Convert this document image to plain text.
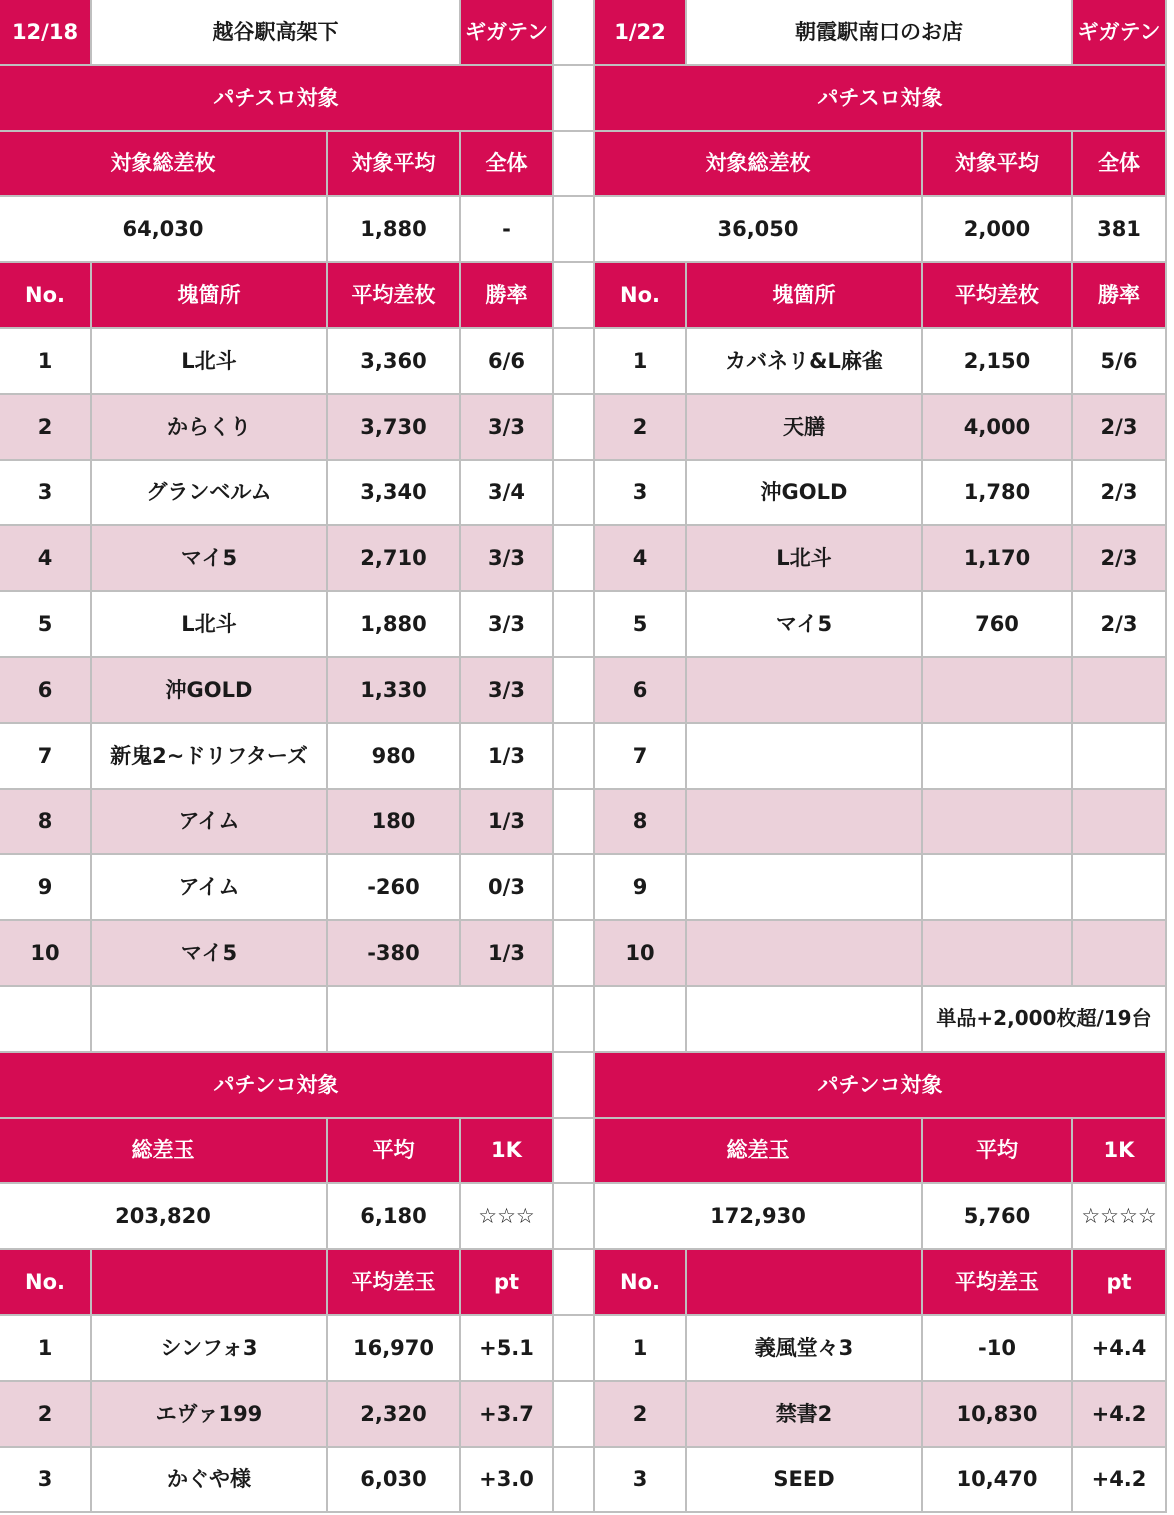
12/18	越谷駅高架下	ギガテン	1/22	朝霞駅南口のお店	ギガテン
パチスロ対象	パチスロ対象
対象総差枚	対象平均	全体	対象総差枚	対象平均	全体
64,030	1,880	-	36,050	2,000	381
No.	塊箇所	平均差枚	勝率	No.	塊箇所	平均差枚	勝率
1	L北斗	3,360	6/6	1	カバネリ&L麻雀	2,150	5/6
2	からくり	3,730	3/3	2	天膳	4,000	2/3
3	グランベルム	3,340	3/4	3	沖GOLD	1,780	2/3
4	マイ5	2,710	3/3	4	L北斗	1,170	2/3
5	L北斗	1,880	3/3	5	マイ5	760	2/3
6	沖GOLD	1,330	3/3	6
7	新鬼2~ドリフターズ	980	1/3	7
8	アイム	180	1/3	8
9	アイム	-260	0/3	9
10	マイ5	-380	1/3	10
単品+2,000枚超/19台
パチンコ対象	パチンコ対象
総差玉	平均	1K	総差玉	平均	1K
203,820	6,180	☆☆☆	172,930	5,760	☆☆☆☆
No.	平均差玉	pt	No.	平均差玉	pt
1	シンフォ3	16,970	+5.1	1	義風堂々3	-10	+4.4
2	エヴァ199	2,320	+3.7	2	禁書2	10,830	+4.2
3	かぐや様	6,030	+3.0	3	SEED	10,470	+4.2
